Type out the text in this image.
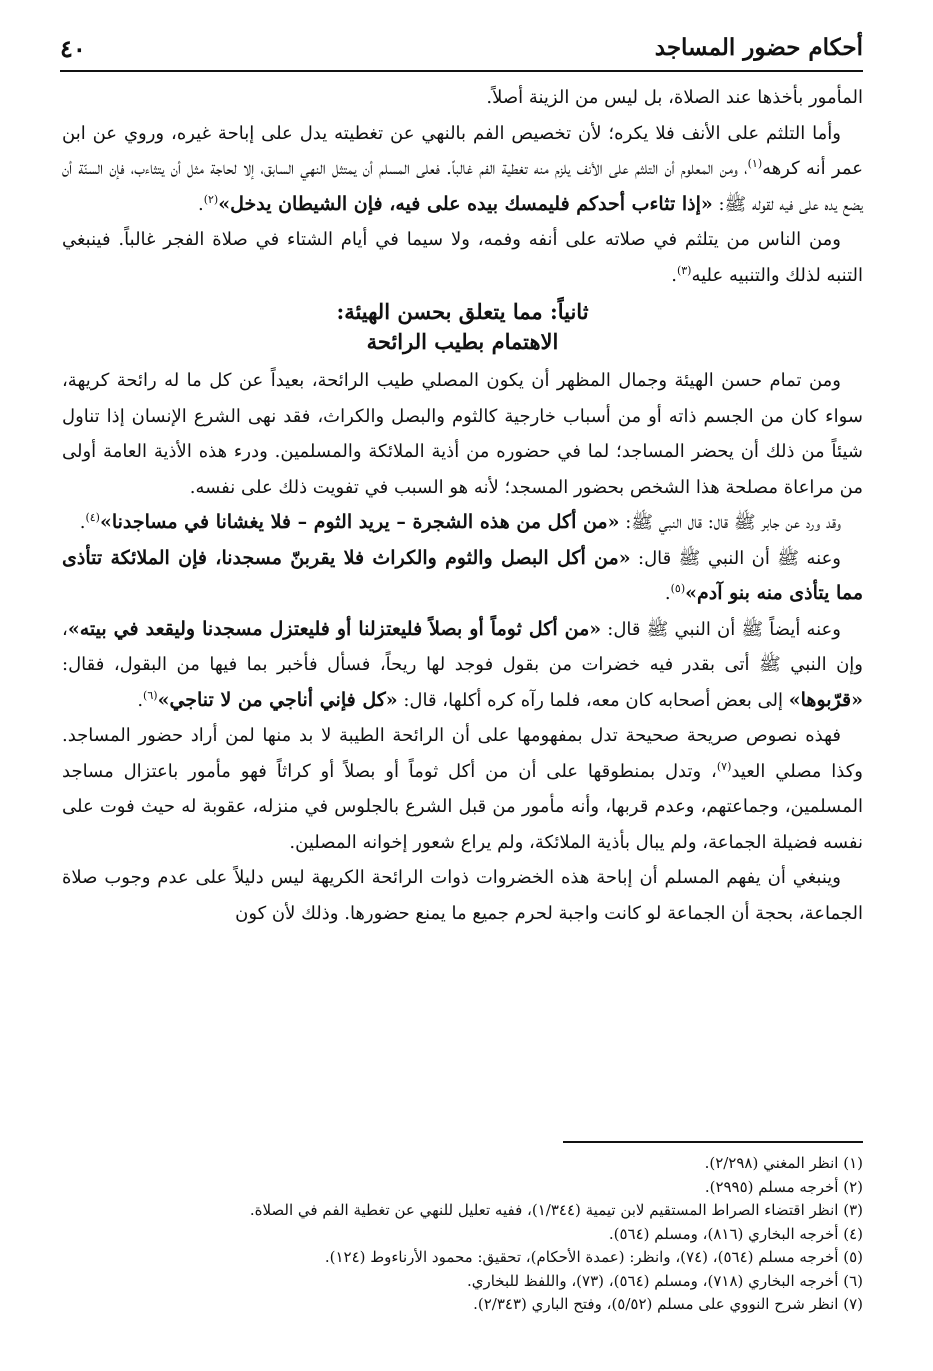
أحكام حضور المساجد
٤٠

المأمور بأخذها عند الصلاة، بل ليس من الزينة أصلاً.

وأما التلثم على الأنف فلا يكره؛ لأن تخصيص الفم بالنهي عن تغطيته يدل على إباحة غيره، وروي عن ابن عمر أنه كرهه$^{(١)}$، ومن المعلوم أن التلثم على الأنف يلزم منه تغطية الفم غالباً. فعلى المسلم أن يمتثل النهي السابق، إلا لحاجة مثل أن يتثاءب، فإن السنّة أن يضع يده على فيه لقوله ﷺ: «إذا تثاءب أحدكم فليمسك بيده على فيه، فإن الشيطان يدخل»$^{(٢)}$.

ومن الناس من يتلثم في صلاته على أنفه وفمه، ولا سيما في أيام الشتاء في صلاة الفجر غالباً. فينبغي التنبه لذلك والتنبيه عليه$^{(٣)}$.

ثانياً: مما يتعلق بحسن الهيئة:
الاهتمام بطيب الرائحة

ومن تمام حسن الهيئة وجمال المظهر أن يكون المصلي طيب الرائحة، بعيداً عن كل ما له رائحة كريهة، سواء كان من الجسم ذاته أو من أسباب خارجية كالثوم والبصل والكراث، فقد نهى الشرع الإنسان إذا تناول شيئاً من ذلك أن يحضر المساجد؛ لما في حضوره من أذية الملائكة والمسلمين. ودرء هذه الأذية العامة أولى من مراعاة مصلحة هذا الشخص بحضور المسجد؛ لأنه هو السبب في تفويت ذلك على نفسه.

وقد ورد عن جابر ﷺ قال: قال النبي ﷺ: «من أكل من هذه الشجرة – يريد الثوم – فلا يغشانا في مساجدنا»$^{(٤)}$.

وعنه ﷺ أن النبي ﷺ قال: «من أكل البصل والثوم والكراث فلا يقربنّ مسجدنا، فإن الملائكة تتأذى مما يتأذى منه بنو آدم»$^{(٥)}$.

وعنه أيضاً ﷺ أن النبي ﷺ قال: «من أكل ثوماً أو بصلاً فليعتزلنا أو فليعتزل مسجدنا وليقعد في بيته»، وإن النبي ﷺ أتى بقدر فيه خضرات من بقول فوجد لها ريحاً، فسأل فأخبر بما فيها من البقول، فقال: «قرّبوها» إلى بعض أصحابه كان معه، فلما رآه كره أكلها، قال: «كل فإني أناجي من لا تناجي»$^{(٦)}$.

فهذه نصوص صريحة صحيحة تدل بمفهومها على أن الرائحة الطيبة لا بد منها لمن أراد حضور المساجد. وكذا مصلي العيد$^{(٧)}$، وتدل بمنطوقها على أن من أكل ثوماً أو بصلاً أو كراثاً فهو مأمور باعتزال مساجد المسلمين، وجماعتهم، وعدم قربها، وأنه مأمور من قبل الشرع بالجلوس في منزله، عقوبة له حيث فوت على نفسه فضيلة الجماعة، ولم يبال بأذية الملائكة، ولم يراع شعور إخوانه المصلين.

وينبغي أن يفهم المسلم أن إباحة هذه الخضروات ذوات الرائحة الكريهة ليس دليلاً على عدم وجوب صلاة الجماعة، بحجة أن الجماعة لو كانت واجبة لحرم جميع ما يمنع حضورها. وذلك لأن كون

(١) انظر المغني (٢/٢٩٨).
(٢) أخرجه مسلم (٢٩٩٥).
(٣) انظر اقتضاء الصراط المستقيم لابن تيمية (١/٣٤٤)، ففيه تعليل للنهي عن تغطية الفم في الصلاة.
(٤) أخرجه البخاري (٨١٦)، ومسلم (٥٦٤).
(٥) أخرجه مسلم (٥٦٤)، (٧٤)، وانظر: (عمدة الأحكام)، تحقيق: محمود الأرناءوط (١٢٤).
(٦) أخرجه البخاري (٧١٨)، ومسلم (٥٦٤)، (٧٣)، واللفظ للبخاري.
(٧) انظر شرح النووي على مسلم (٥/٥٢)، وفتح الباري (٢/٣٤٣).
